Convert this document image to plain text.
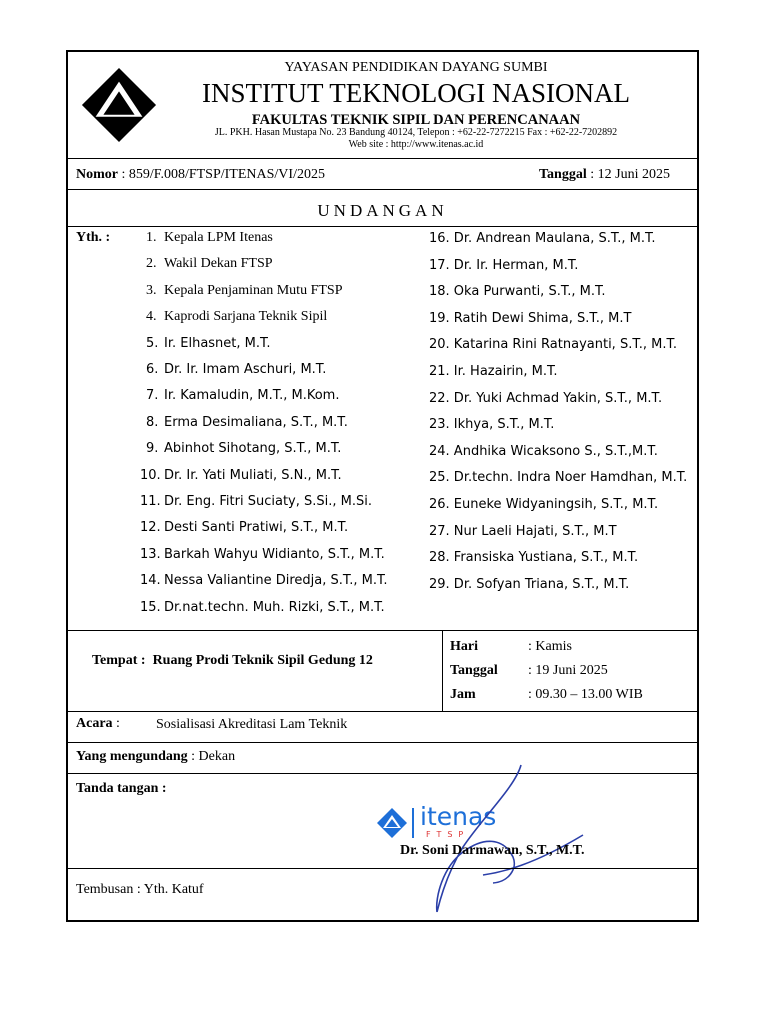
YAYASAN PENDIDIKAN DAYANG SUMBI
INSTITUT TEKNOLOGI NASIONAL
FAKULTAS TEKNIK SIPIL DAN PERENCANAAN
JL. PKH. Hasan Mustapa No. 23 Bandung 40124, Telepon : +62-22-7272215 Fax : +62-22-7202892
Web site : http://www.itenas.ac.id
Nomor : 859/F.008/FTSP/ITENAS/VI/2025	Tanggal : 12 Juni 2025
UNDANGAN
Yth. :	1. Kepala LPM Itenas
2. Wakil Dekan FTSP
3. Kepala Penjaminan Mutu FTSP
4. Kaprodi Sarjana Teknik Sipil
5. Ir. Elhasnet, M.T.
6. Dr. Ir. Imam Aschuri, M.T.
7. Ir. Kamaludin, M.T., M.Kom.
8. Erma Desimaliana, S.T., M.T.
9. Abinhot Sihotang, S.T., M.T.
10. Dr. Ir. Yati Muliati, S.N., M.T.
11. Dr. Eng. Fitri Suciaty, S.Si., M.Si.
12. Desti Santi Pratiwi, S.T., M.T.
13. Barkah Wahyu Widianto, S.T., M.T.
14. Nessa Valiantine Diredja, S.T., M.T.
15. Dr.nat.techn. Muh. Rizki, S.T., M.T.
16. Dr. Andrean Maulana, S.T., M.T.
17. Dr. Ir. Herman, M.T.
18. Oka Purwanti, S.T., M.T.
19. Ratih Dewi Shima, S.T., M.T
20. Katarina Rini Ratnayanti, S.T., M.T.
21. Ir. Hazairin, M.T.
22. Dr. Yuki Achmad Yakin, S.T., M.T.
23. Ikhya, S.T., M.T.
24. Andhika Wicaksono S., S.T.,M.T.
25. Dr.techn. Indra Noer Hamdhan, M.T.
26. Euneke Widyaningsih, S.T., M.T.
27. Nur Laeli Hajati, S.T., M.T
28. Fransiska Yustiana, S.T., M.T.
29. Dr. Sofyan Triana, S.T., M.T.
Tempat :  Ruang Prodi Teknik Sipil Gedung 12
Hari	: Kamis
Tanggal : 19 Juni 2025
Jam	: 09.30 – 13.00 WIB
Acara :	Sosialisasi Akreditasi Lam Teknik
Yang mengundang : Dekan
Tanda tangan :
itenas
FTSP
Dr. Soni Darmawan, S.T., M.T.
Tembusan : Yth. Katuf
